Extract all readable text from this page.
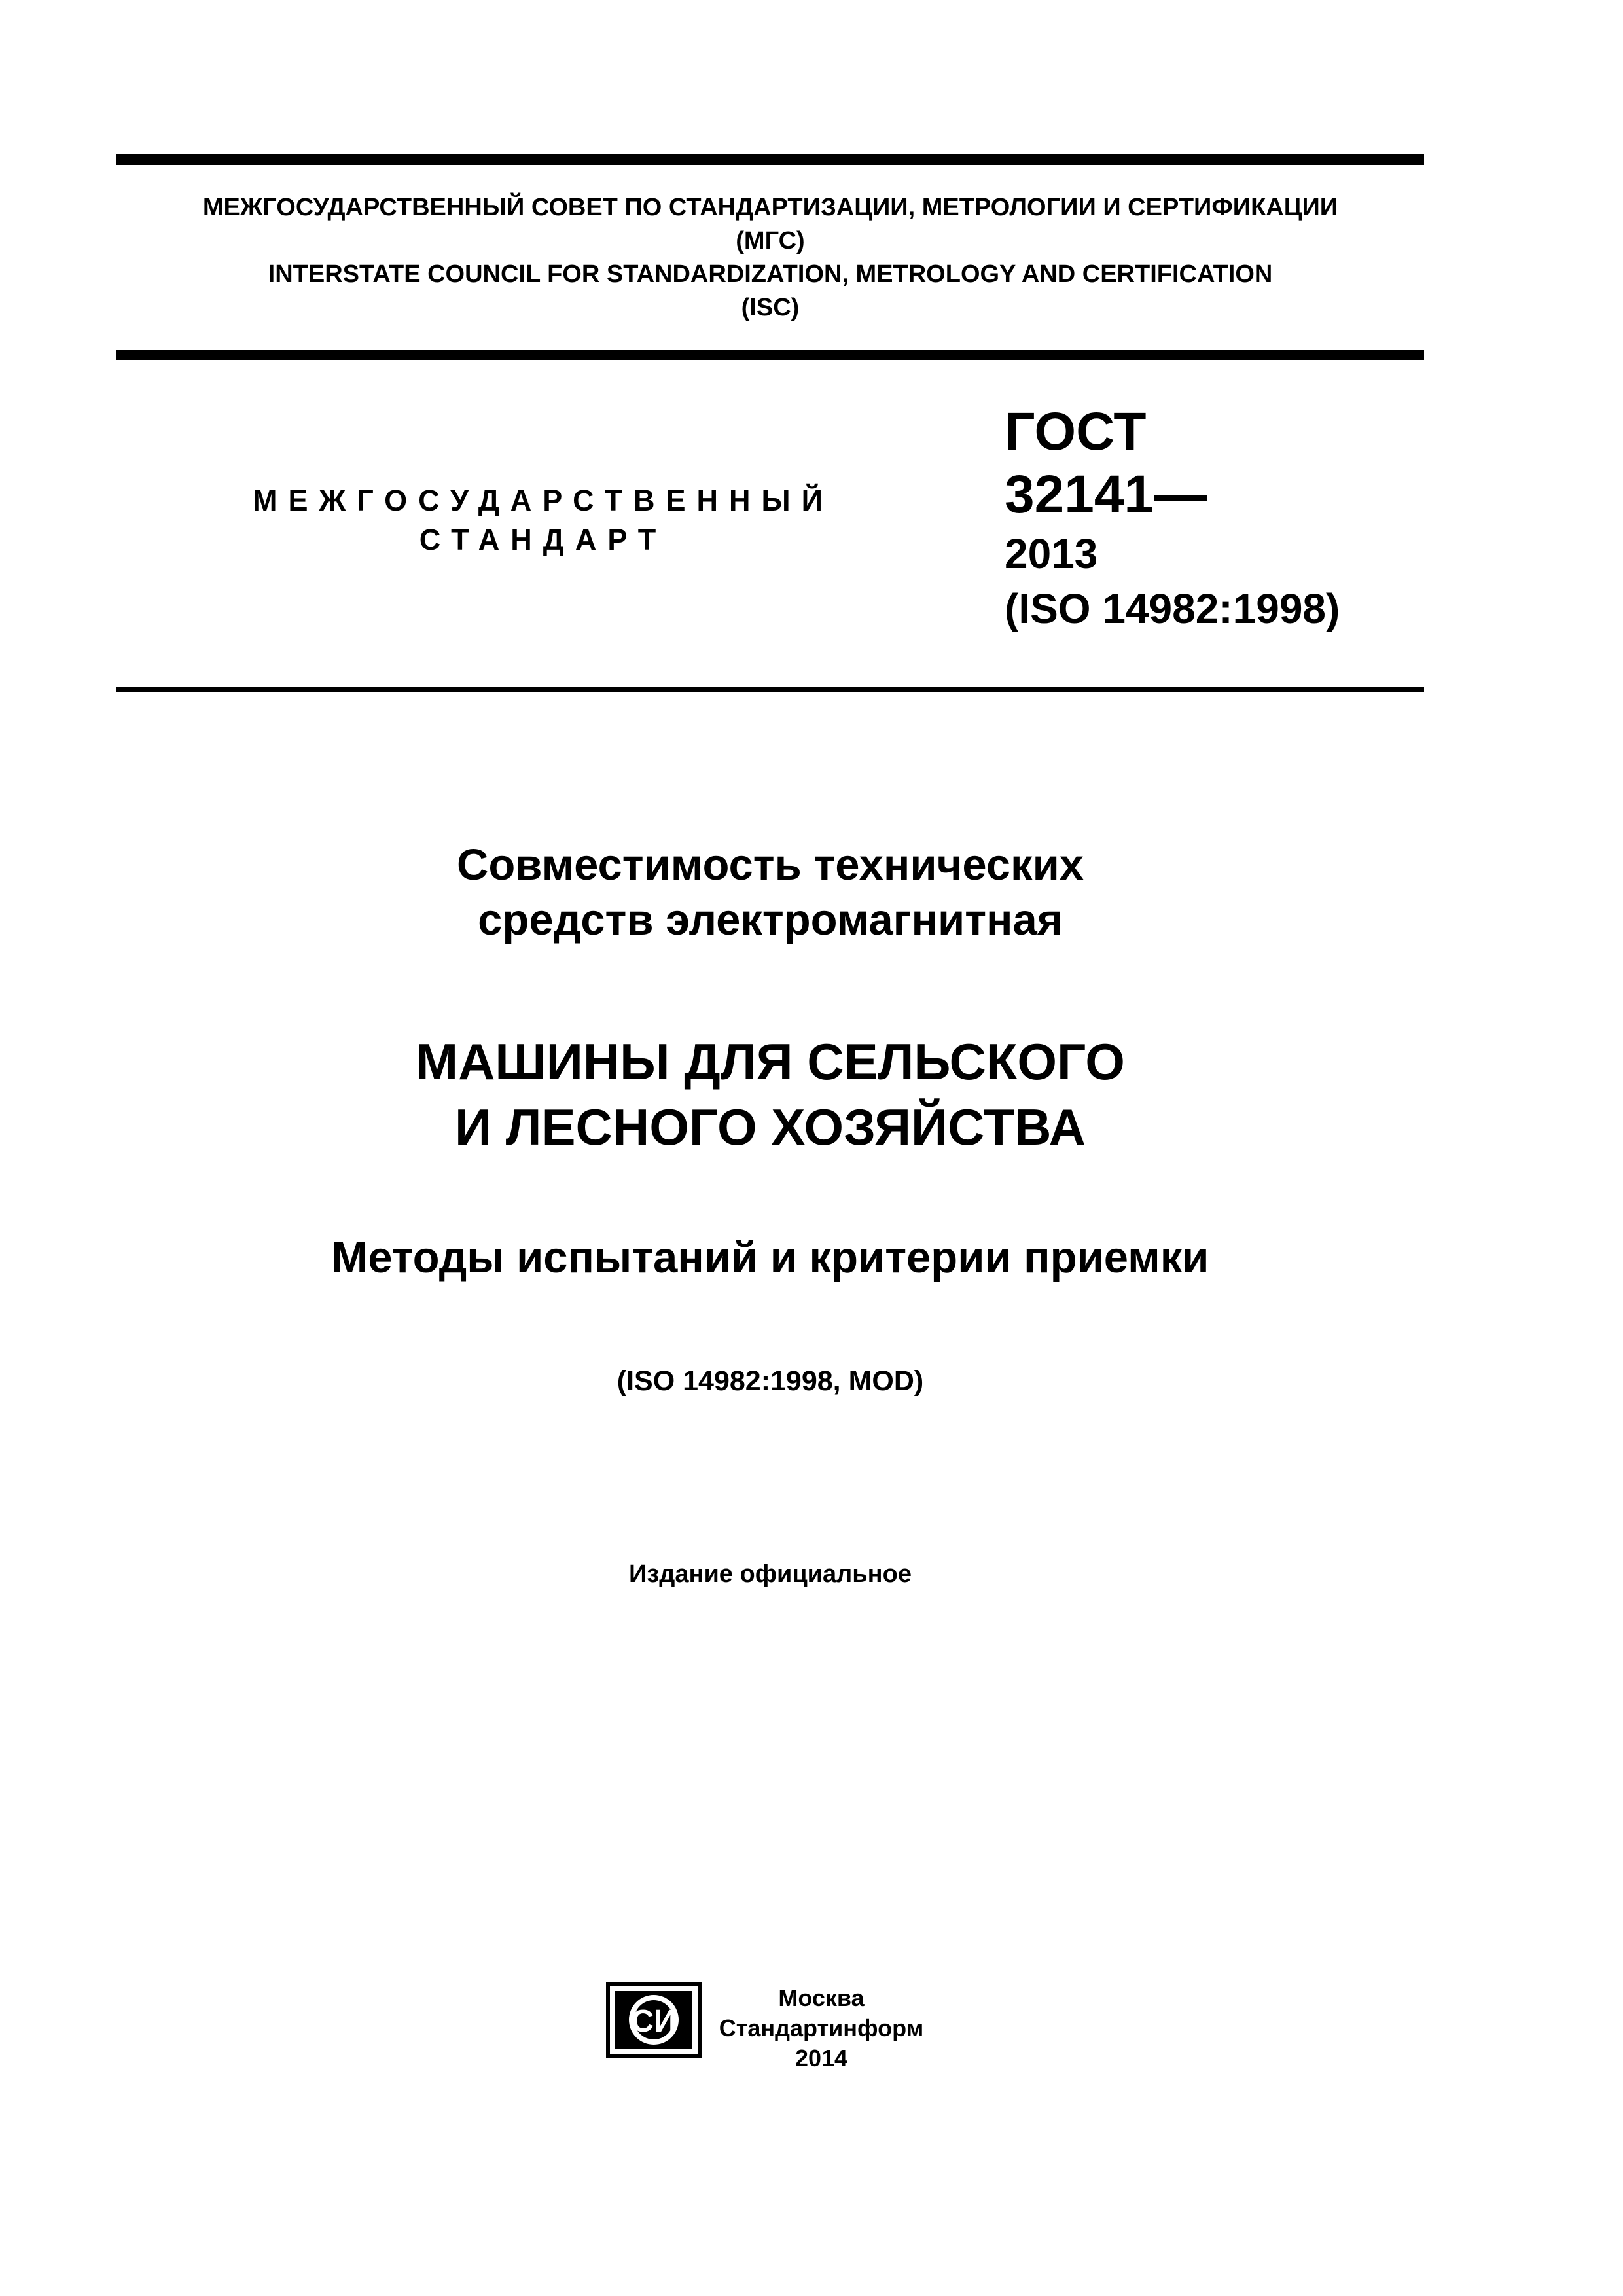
МЕЖГОСУДАРСТВЕННЫЙ СОВЕТ ПО СТАНДАРТИЗАЦИИ, МЕТРОЛОГИИ И СЕРТИФИКАЦИИ
(МГС)
INTERSTATE COUNCIL FOR STANDARDIZATION, METROLOGY AND CERTIFICATION
(ISC)
МЕЖГОСУДАРСТВЕННЫЙ
СТАНДАРТ
ГОСТ
32141—
2013
(ISO 14982:1998)
Совместимость технических
средств электромагнитная
МАШИНЫ ДЛЯ СЕЛЬСКОГО
И ЛЕСНОГО ХОЗЯЙСТВА
Методы испытаний и критерии приемки
(ISO 14982:1998, MOD)
Издание официальное
СИ
Москва
Стандартинформ
2014
